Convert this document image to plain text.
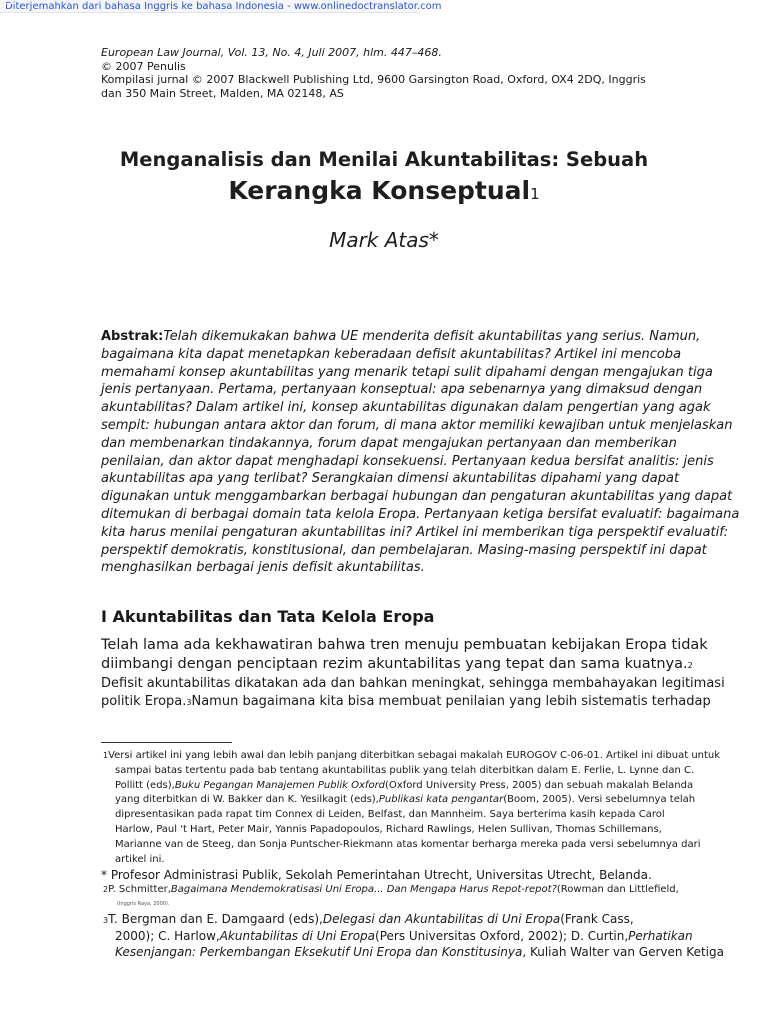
Diterjemahkan dari bahasa Inggris ke bahasa Indonesia - www.onlinedoctranslator.com
European Law Journal, Vol. 13, No. 4, Juli 2007, hlm. 447–468.
© 2007 Penulis
Kompilasi jurnal © 2007 Blackwell Publishing Ltd, 9600 Garsington Road, Oxford, OX4 2DQ, Inggris
dan 350 Main Street, Malden, MA 02148, AS
Menganalisis dan Menilai Akuntabilitas: Sebuah
Kerangka Konseptual1
Mark Atas*
Abstrak:Telah dikemukakan bahwa UE menderita defisit akuntabilitas yang serius. Namun,
bagaimana kita dapat menetapkan keberadaan defisit akuntabilitas? Artikel ini mencoba
memahami konsep akuntabilitas yang menarik tetapi sulit dipahami dengan mengajukan tiga
jenis pertanyaan. Pertama, pertanyaan konseptual: apa sebenarnya yang dimaksud dengan
akuntabilitas? Dalam artikel ini, konsep akuntabilitas digunakan dalam pengertian yang agak
sempit: hubungan antara aktor dan forum, di mana aktor memiliki kewajiban untuk menjelaskan
dan membenarkan tindakannya, forum dapat mengajukan pertanyaan dan memberikan
penilaian, dan aktor dapat menghadapi konsekuensi. Pertanyaan kedua bersifat analitis: jenis
akuntabilitas apa yang terlibat? Serangkaian dimensi akuntabilitas dipahami yang dapat
digunakan untuk menggambarkan berbagai hubungan dan pengaturan akuntabilitas yang dapat
ditemukan di berbagai domain tata kelola Eropa. Pertanyaan ketiga bersifat evaluatif: bagaimana
kita harus menilai pengaturan akuntabilitas ini? Artikel ini memberikan tiga perspektif evaluatif:
perspektif demokratis, konstitusional, dan pembelajaran. Masing-masing perspektif ini dapat
menghasilkan berbagai jenis defisit akuntabilitas.
I Akuntabilitas dan Tata Kelola Eropa
Telah lama ada kekhawatiran bahwa tren menuju pembuatan kebijakan Eropa tidak
diimbangi dengan penciptaan rezim akuntabilitas yang tepat dan sama kuatnya.2
Defisit akuntabilitas dikatakan ada dan bahkan meningkat, sehingga membahayakan legitimasi
politik Eropa.3Namun bagaimana kita bisa membuat penilaian yang lebih sistematis terhadap
1Versi artikel ini yang lebih awal dan lebih panjang diterbitkan sebagai makalah EUROGOV C-06-01. Artikel ini dibuat untuk
sampai batas tertentu pada bab tentang akuntabilitas publik yang telah diterbitkan dalam E. Ferlie, L. Lynne dan C.
Pollitt (eds),Buku Pegangan Manajemen Publik Oxford(Oxford University Press, 2005) dan sebuah makalah Belanda
yang diterbitkan di W. Bakker dan K. Yesilkagit (eds),Publikasi kata pengantar(Boom, 2005). Versi sebelumnya telah
dipresentasikan pada rapat tim Connex di Leiden, Belfast, dan Mannheim. Saya berterima kasih kepada Carol
Harlow, Paul 't Hart, Peter Mair, Yannis Papadopoulos, Richard Rawlings, Helen Sullivan, Thomas Schillemans,
Marianne van de Steeg, dan Sonja Puntscher-Riekmann atas komentar berharga mereka pada versi sebelumnya dari
artikel ini.
* Profesor Administrasi Publik, Sekolah Pemerintahan Utrecht, Universitas Utrecht, Belanda.
2P. Schmitter,Bagaimana Mendemokratisasi Uni Eropa... Dan Mengapa Harus Repot-repot?(Rowman dan Littlefield,
(Inggris Raya, 2000).
3T. Bergman dan E. Damgaard (eds),Delegasi dan Akuntabilitas di Uni Eropa(Frank Cass,
2000); C. Harlow,Akuntabilitas di Uni Eropa(Pers Universitas Oxford, 2002); D. Curtin,Perhatikan
Kesenjangan: Perkembangan Eksekutif Uni Eropa dan Konstitusinya, Kuliah Walter van Gerven Ketiga
